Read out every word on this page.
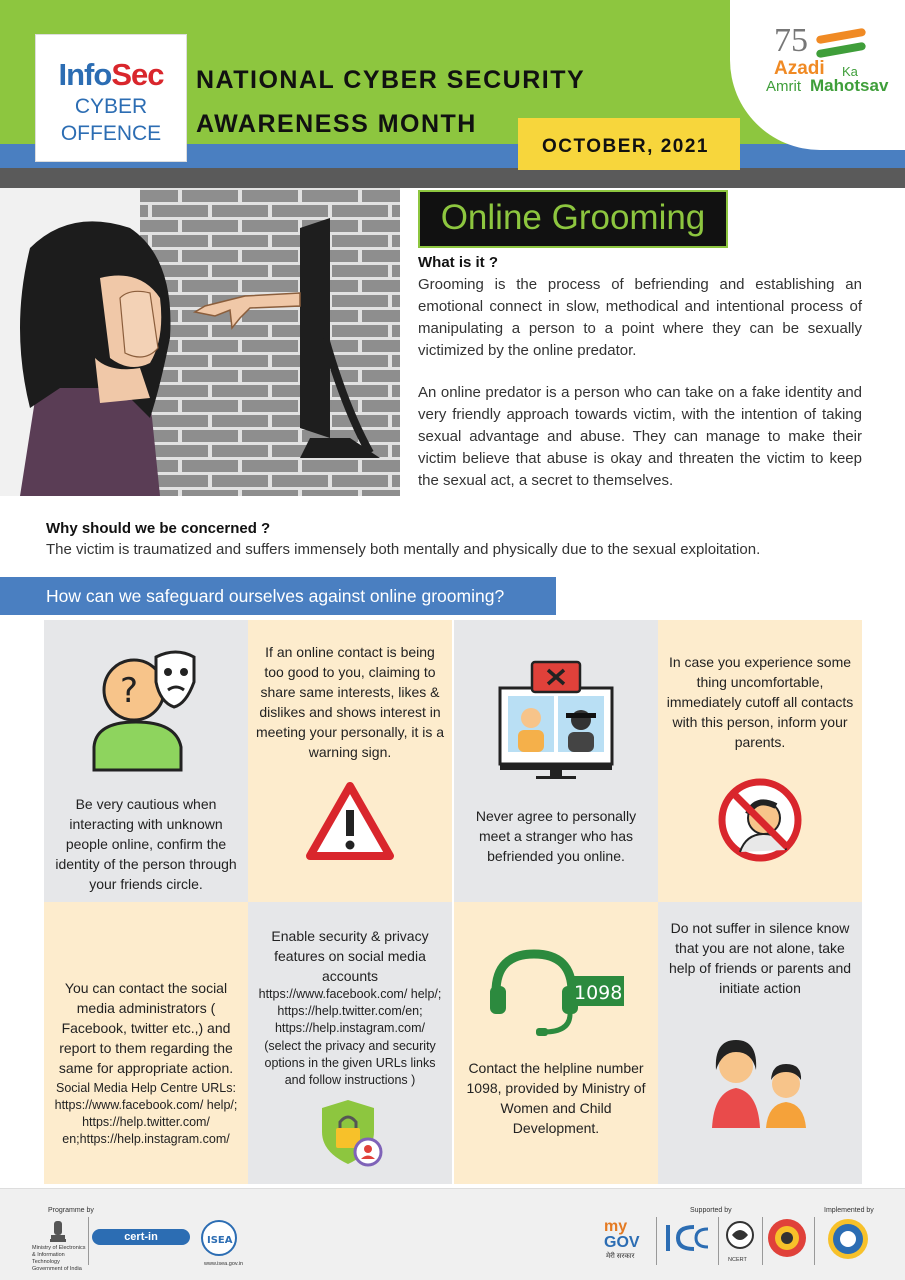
InfoSec
CYBER
OFFENCE
NATIONAL CYBER SECURITY
AWARENESS MONTH
OCTOBER, 2021
75
Azadi Ka
Amrit Mahotsav
Online Grooming
What is it ?
Grooming is the process of befriending and establishing an emotional connect in slow, methodical and intentional process of manipulating a person to a point where they can be sexually victimized by the online predator.
An online predator is a person who can take on a fake identity and very friendly approach towards victim, with the intention of taking sexual advantage and abuse. They can manage to make their victim believe that abuse is okay and threaten the victim to keep the sexual act, a secret to themselves.
Why should we be concerned ?
The victim is traumatized and suffers immensely both mentally and physically due to the sexual exploitation.
How can we safeguard ourselves against online grooming?
?
Be very cautious when interacting with unknown people online, confirm the identity of the person through your friends circle.
If an online contact is being too good to you, claiming to share same interests, likes & dislikes and shows interest in meeting your personally, it is a warning sign.
Never agree to personally meet a stranger who has befriended you online.
In case you experience some thing uncomfortable, immediately cutoff all contacts with this person, inform your parents.
You can contact the social media administrators ( Facebook, twitter etc.,) and report to them regarding the same for appropriate action.
Social Media Help Centre URLs:
https://www.facebook.com/ help/; https://help.twitter.com/ en;https://help.instagram.com/
Enable security & privacy features on social media accounts
https://www.facebook.com/ help/; https://help.twitter.com/en; https://help.instagram.com/
(select the privacy and security options in the given URLs links and follow instructions )
1098
Contact the helpline number 1098, provided by Ministry of Women and Child Development.
Do not suffer in silence know that you are not alone, take help of friends or parents and initiate action
Programme by
Ministry of Electronics & Information Technology Government of India
cert-in	ISEA
www.isea.gov.in
Supported by
my
GOV
मेरी सरकार	NCERT
Implemented by
